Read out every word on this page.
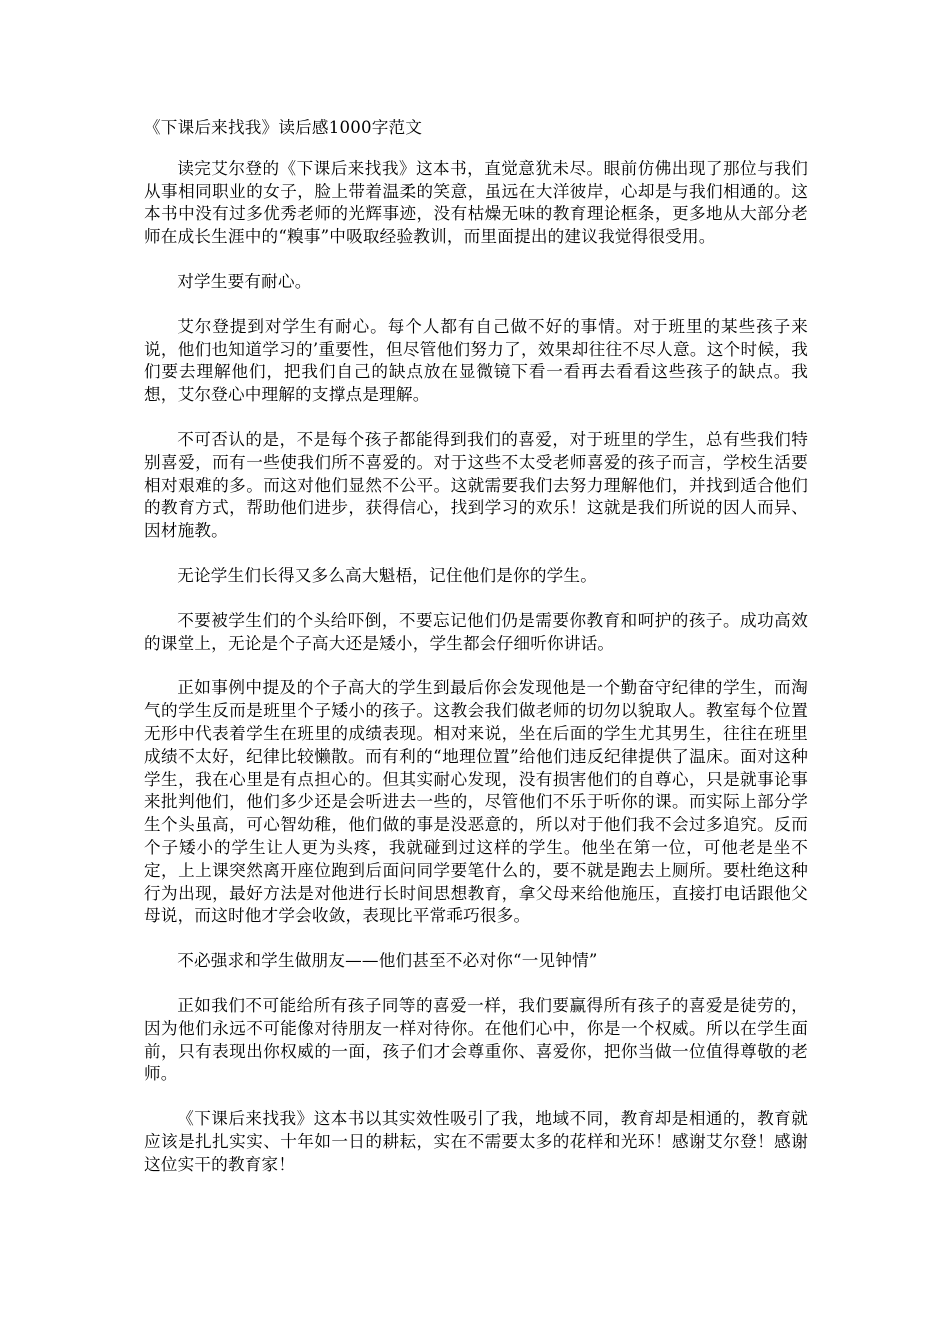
《下课后来找我》读后感1000字范文

读完艾尔登的《下课后来找我》这本书，直觉意犹未尽。眼前仿佛出现了那位与我们从事相同职业的女子，脸上带着温柔的笑意，虽远在大洋彼岸，心却是与我们相通的。这本书中没有过多优秀老师的光辉事迹，没有枯燥无味的教育理论框条，更多地从大部分老师在成长生涯中的“糗事”中吸取经验教训，而里面提出的建议我觉得很受用。

对学生要有耐心。

艾尔登提到对学生有耐心。每个人都有自己做不好的事情。对于班里的某些孩子来说，他们也知道学习的’重要性，但尽管他们努力了，效果却往往不尽人意。这个时候，我们要去理解他们，把我们自己的缺点放在显微镜下看一看再去看看这些孩子的缺点。我想，艾尔登心中理解的支撑点是理解。

不可否认的是，不是每个孩子都能得到我们的喜爱，对于班里的学生，总有些我们特别喜爱，而有一些使我们所不喜爱的。对于这些不太受老师喜爱的孩子而言，学校生活要相对艰难的多。而这对他们显然不公平。这就需要我们去努力理解他们，并找到适合他们的教育方式，帮助他们进步，获得信心，找到学习的欢乐！这就是我们所说的因人而异、因材施教。

无论学生们长得又多么高大魁梧，记住他们是你的学生。

不要被学生们的个头给吓倒，不要忘记他们仍是需要你教育和呵护的孩子。成功高效的课堂上，无论是个子高大还是矮小，学生都会仔细听你讲话。

正如事例中提及的个子高大的学生到最后你会发现他是一个勤奋守纪律的学生，而淘气的学生反而是班里个子矮小的孩子。这教会我们做老师的切勿以貌取人。教室每个位置无形中代表着学生在班里的成绩表现。相对来说，坐在后面的学生尤其男生，往往在班里成绩不太好，纪律比较懒散。而有利的“地理位置”给他们违反纪律提供了温床。面对这种学生，我在心里是有点担心的。但其实耐心发现，没有损害他们的自尊心，只是就事论事来批判他们，他们多少还是会听进去一些的，尽管他们不乐于听你的课。而实际上部分学生个头虽高，可心智幼稚，他们做的事是没恶意的，所以对于他们我不会过多追究。反而个子矮小的学生让人更为头疼，我就碰到过这样的学生。他坐在第一位，可他老是坐不定，上上课突然离开座位跑到后面问同学要笔什么的，要不就是跑去上厕所。要杜绝这种行为出现，最好方法是对他进行长时间思想教育，拿父母来给他施压，直接打电话跟他父母说，而这时他才学会收敛，表现比平常乖巧很多。

不必强求和学生做朋友——他们甚至不必对你“一见钟情”

正如我们不可能给所有孩子同等的喜爱一样，我们要赢得所有孩子的喜爱是徒劳的，因为他们永远不可能像对待朋友一样对待你。在他们心中，你是一个权威。所以在学生面前，只有表现出你权威的一面，孩子们才会尊重你、喜爱你，把你当做一位值得尊敬的老师。

《下课后来找我》这本书以其实效性吸引了我，地域不同，教育却是相通的，教育就应该是扎扎实实、十年如一日的耕耘，实在不需要太多的花样和光环！感谢艾尔登！感谢这位实干的教育家！
